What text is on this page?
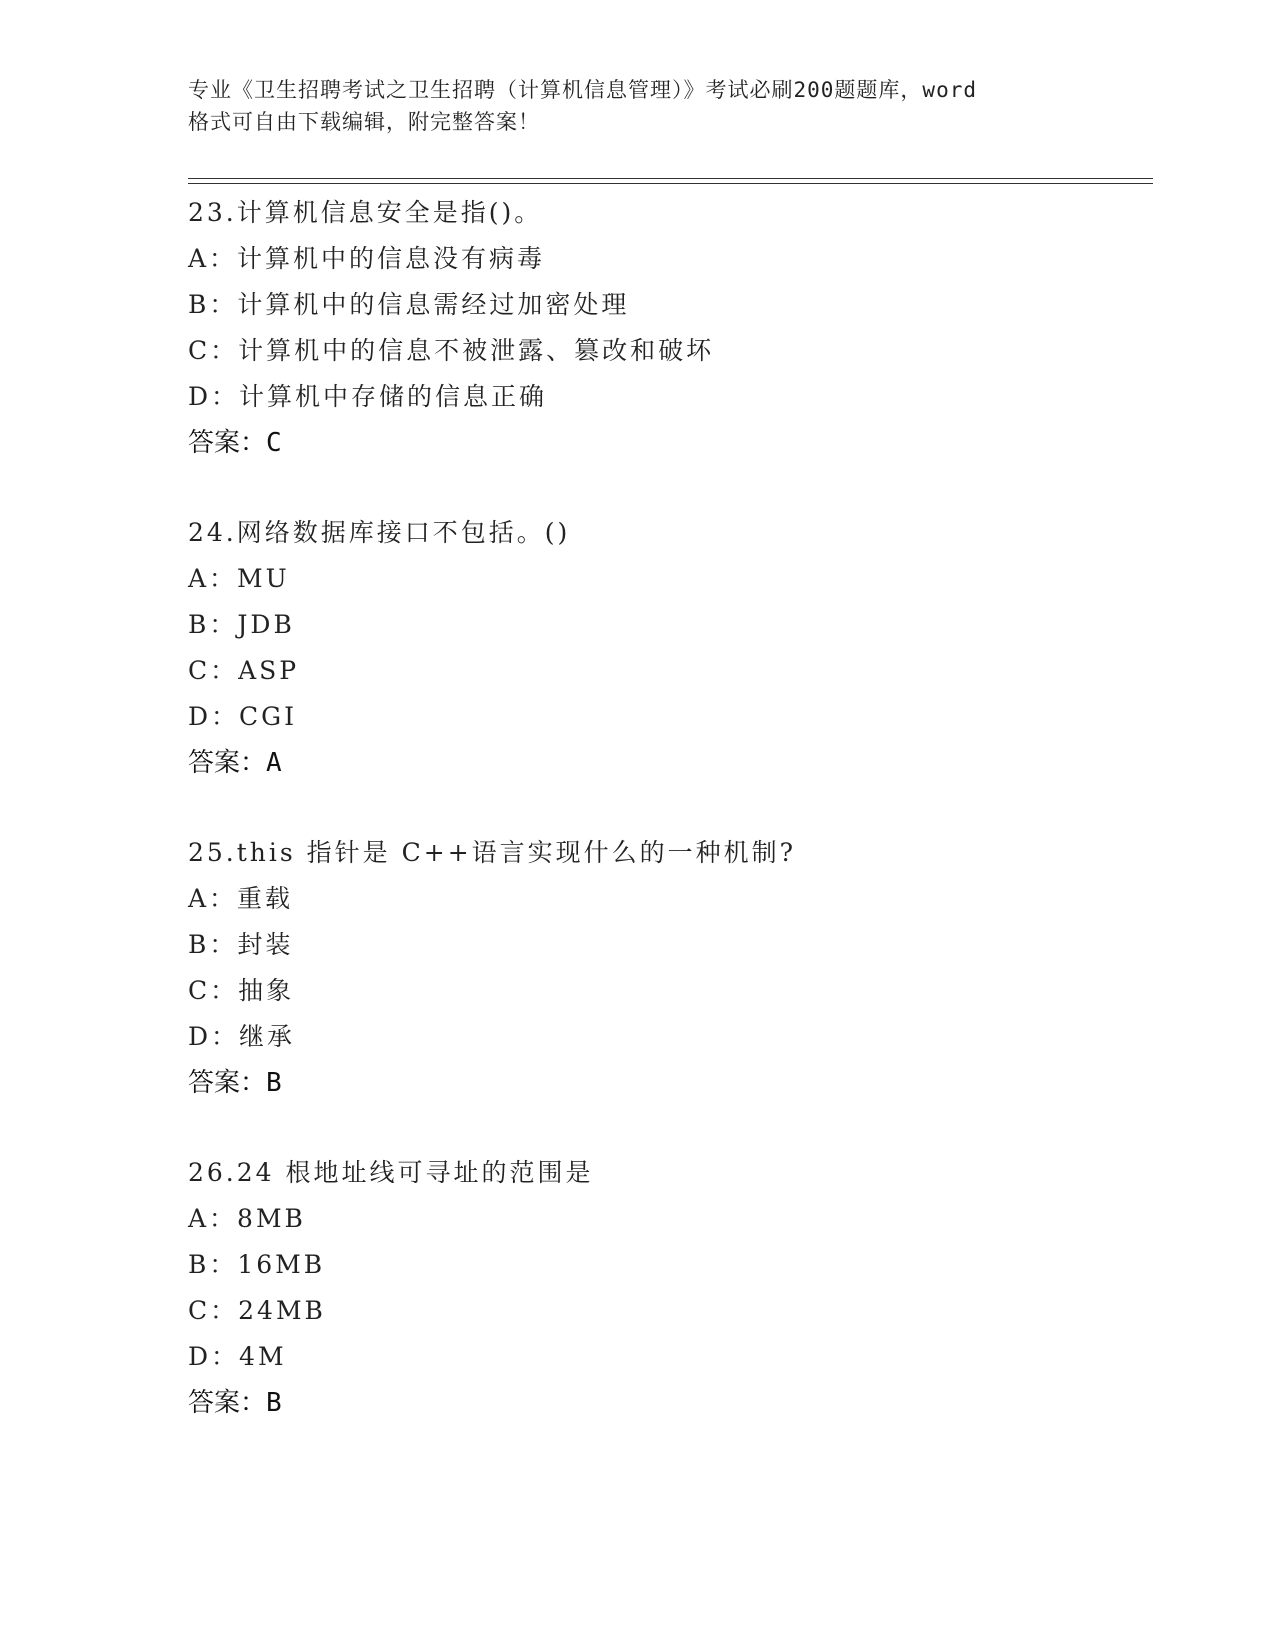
专业《卫生招聘考试之卫生招聘（计算机信息管理）》考试必刷200题题库，word

格式可自由下载编辑，附完整答案！

23.计算机信息安全是指()。
A：计算机中的信息没有病毒
B：计算机中的信息需经过加密处理
C：计算机中的信息不被泄露、篡改和破坏
D：计算机中存储的信息正确
答案：C
24.网络数据库接口不包括。()
A：MU
B：JDB
C：ASP
D：CGI
答案：A
25.this 指针是 C++语言实现什么的一种机制?
A：重载
B：封装
C：抽象
D：继承
答案：B
26.24 根地址线可寻址的范围是
A：8MB
B：16MB
C：24MB
D：4M
答案：B
